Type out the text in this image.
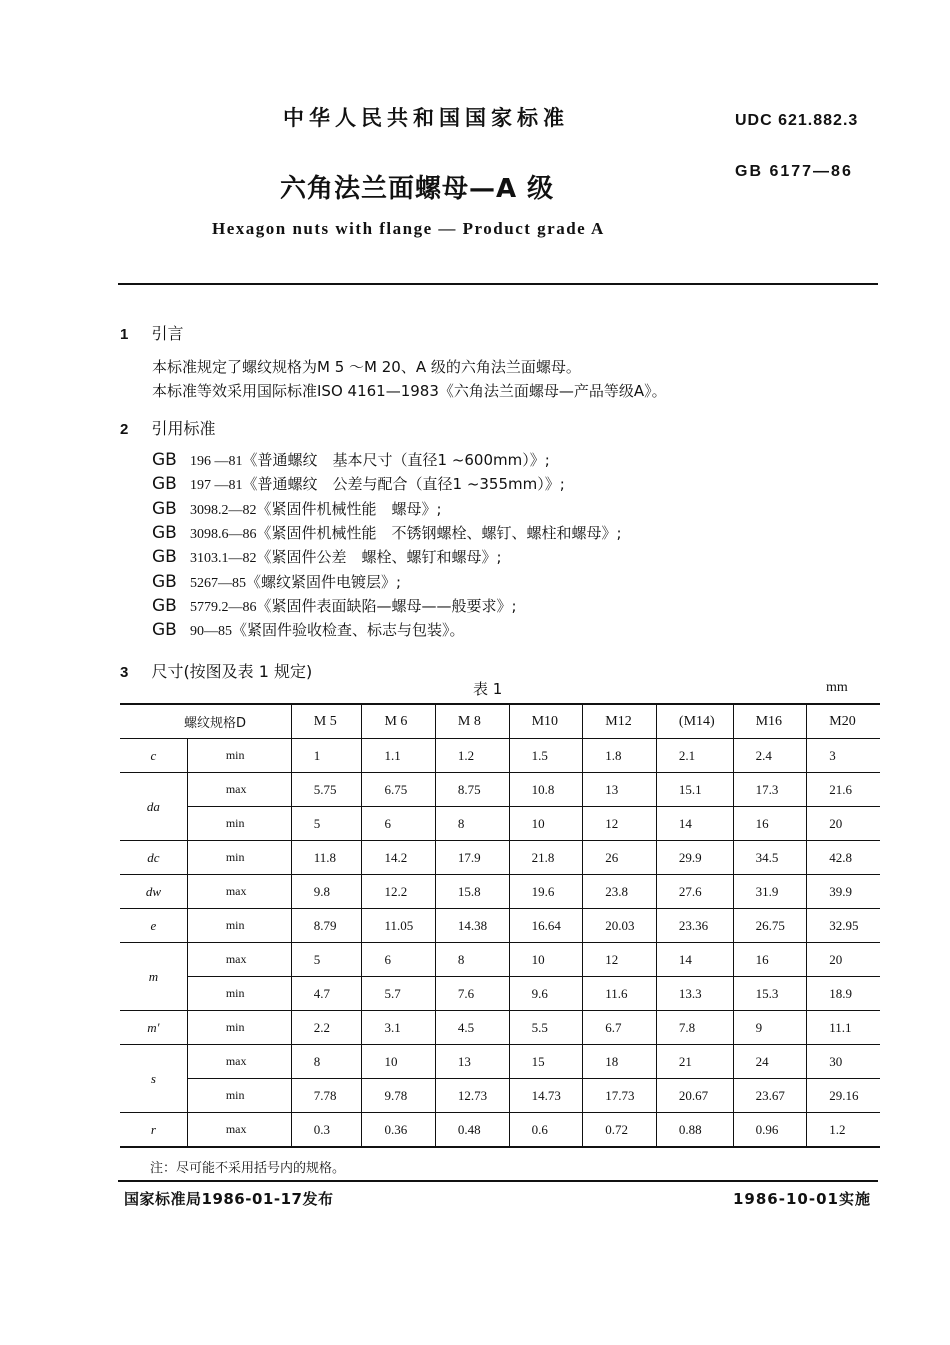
中华人民共和国国家标准	UDC 621.882.3
六角法兰面螺母—A 级
GB 6177—86
Hexagon nuts with flange — Product grade A
1 引言
本标准规定了螺纹规格为M 5 ～M 20、A 级的六角法兰面螺母。
本标准等效采用国际标准ISO 4161—1983《六角法兰面螺母—产品等级A》。
2 引用标准
GB 196 —81《普通螺纹　基本尺寸（直径1 ~600mm）》;
GB 197 —81《普通螺纹　公差与配合（直径1 ~355mm）》;
GB 3098.2—82《紧固件机械性能　螺母》;
GB 3098.6—86《紧固件机械性能　不锈钢螺栓、螺钉、螺柱和螺母》;
GB 3103.1—82《紧固件公差　螺栓、螺钉和螺母》;
GB 5267—85《螺纹紧固件电镀层》;
GB 5779.2—86《紧固件表面缺陷—螺母——般要求》;
GB 90—85《紧固件验收检查、标志与包装》。
3 尺寸(按图及表 1 规定)
表 1	mm
螺纹规格D		M 5	M 6	M 8	M10	M12	(M14)	M16	M20
c	min	1	1.1	1.2	1.5	1.8	2.1	2.4	3
da	max	5.75	6.75	8.75	10.8	13	15.1	17.3	21.6
	min	5	6	8	10	12	14	16	20
dc	min	11.8	14.2	17.9	21.8	26	29.9	34.5	42.8
dw	max	9.8	12.2	15.8	19.6	23.8	27.6	31.9	39.9
e	min	8.79	11.05	14.38	16.64	20.03	23.36	26.75	32.95
m	max	5	6	8	10	12	14	16	20
	min	4.7	5.7	7.6	9.6	11.6	13.3	15.3	18.9
m′	min	2.2	3.1	4.5	5.5	6.7	7.8	9	11.1
s	max	8	10	13	15	18	21	24	30
	min	7.78	9.78	12.73	14.73	17.73	20.67	23.67	29.16
r	max	0.3	0.36	0.48	0.6	0.72	0.88	0.96	1.2
注：尽可能不采用括号内的规格。
国家标准局1986-01-17发布	1986-10-01实施
